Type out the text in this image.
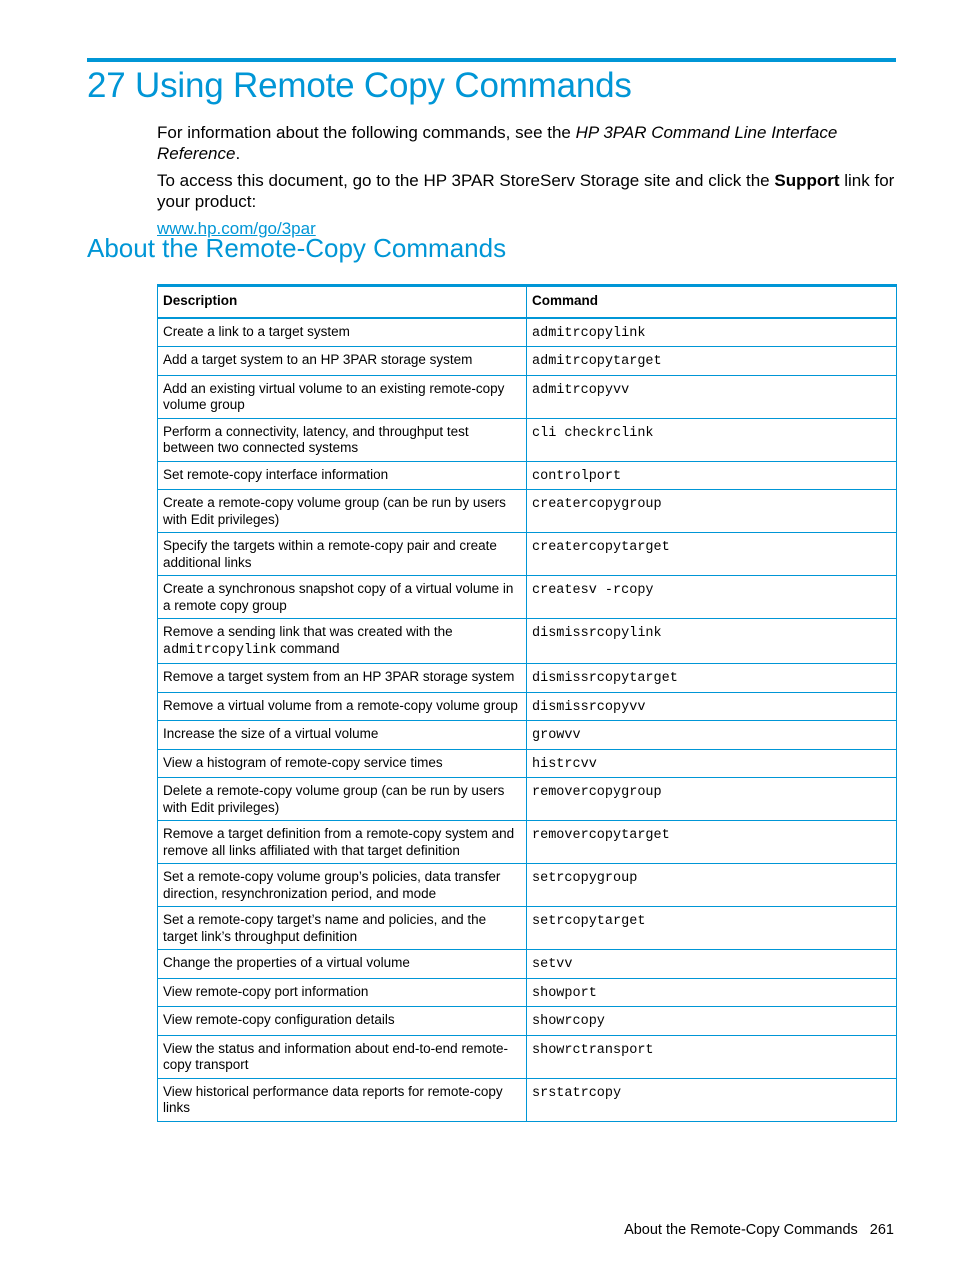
27 Using Remote Copy Commands

For information about the following commands, see the HP 3PAR Command Line Interface Reference.

To access this document, go to the HP 3PAR StoreServ Storage site and click the Support link for your product:

www.hp.com/go/3par

About the Remote-Copy Commands
Description	Command
Create a link to a target system	admitrcopylink
Add a target system to an HP 3PAR storage system	admitrcopytarget
Add an existing virtual volume to an existing remote-copy volume group	admitrcopyvv
Perform a connectivity, latency, and throughput test between two connected systems	cli checkrclink
Set remote-copy interface information	controlport
Create a remote-copy volume group (can be run by users with Edit privileges)	creatercopygroup
Specify the targets within a remote-copy pair and create additional links	creatercopytarget
Create a synchronous snapshot copy of a virtual volume in a remote copy group	createsv -rcopy
Remove a sending link that was created with the admitrcopylink command	dismissrcopylink
Remove a target system from an HP 3PAR storage system	dismissrcopytarget
Remove a virtual volume from a remote-copy volume group	dismissrcopyvv
Increase the size of a virtual volume	growvv
View a histogram of remote-copy service times	histrcvv
Delete a remote-copy volume group (can be run by users with Edit privileges)	removercopygroup
Remove a target definition from a remote-copy system and remove all links affiliated with that target definition	removercopytarget
Set a remote-copy volume group’s policies, data transfer direction, resynchronization period, and mode	setrcopygroup
Set a remote-copy target’s name and policies, and the target link’s throughput definition	setrcopytarget
Change the properties of a virtual volume	setvv
View remote-copy port information	showport
View remote-copy configuration details	showrcopy
View the status and information about end-to-end remote-copy transport	showrctransport
View historical performance data reports for remote-copy links	srstatrcopy
About the Remote-Copy Commands 261
